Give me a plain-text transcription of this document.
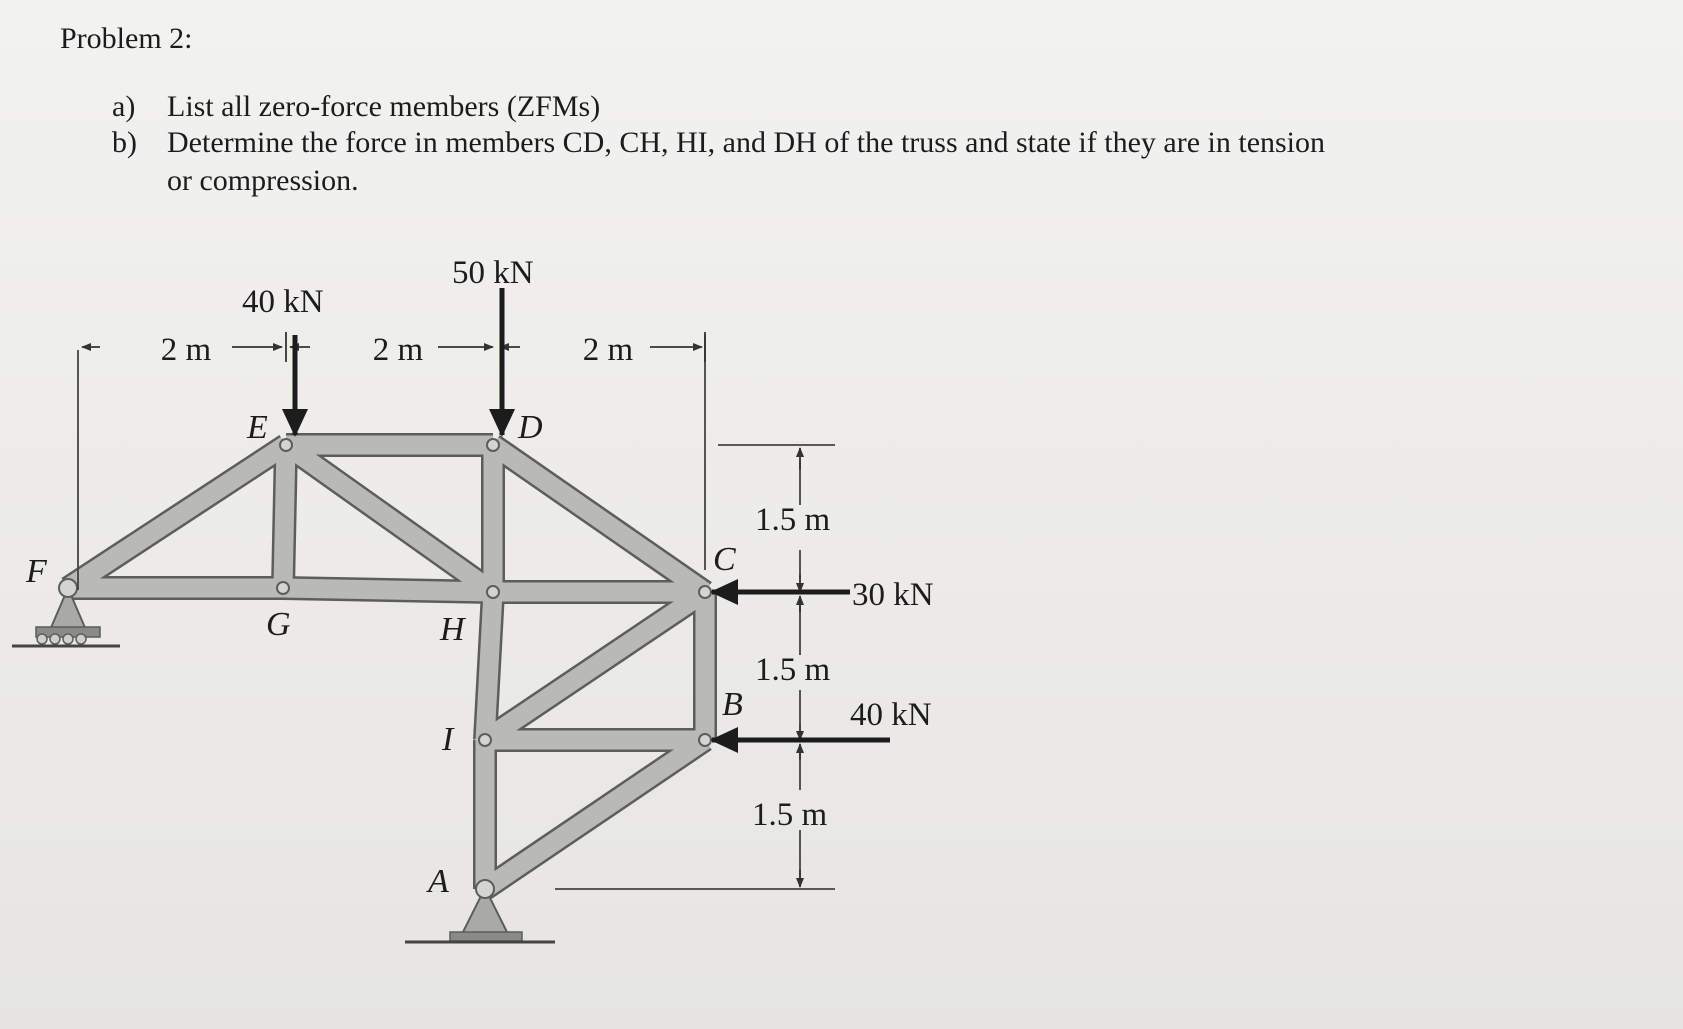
Problem 2:
a) List all zero-force members (ZFMs)
b) Determine the force in members CD, CH, HI, and DH of the truss and state if they are in tension
or compression.
2 m	2 m	2 m
1.5 m
1.5 m
1.5 m
40 kN
50 kN
30 kN
40 kN
F
E	D
G	H
C
I
B
A
